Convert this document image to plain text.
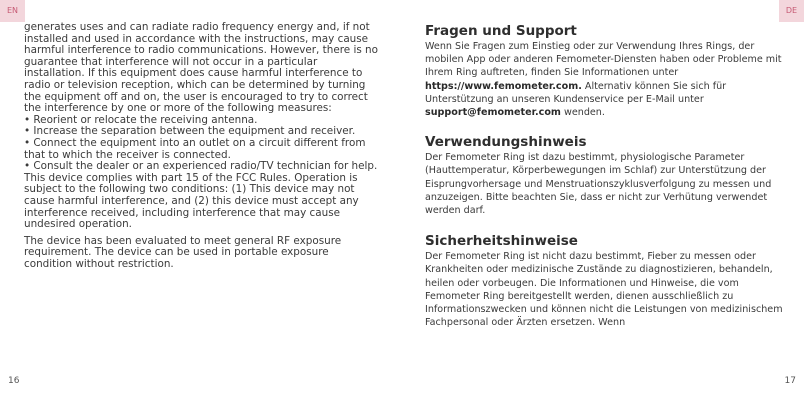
EN

generates uses and can radiate radio frequency energy and, if not installed and used in accordance with the instructions, may cause harmful interference to radio communications. However, there is no guarantee that interference will not occur in a particular installation. If this equipment does cause harmful interference to radio or television reception, which can be determined by turning the equipment off and on, the user is encouraged to try to correct the interference by one or more of the following measures:

• Reorient or relocate the receiving antenna.

• Increase the separation between the equipment and receiver.

• Connect the equipment into an outlet on a circuit different from that to which the receiver is connected.

• Consult the dealer or an experienced radio/TV technician for help.

This device complies with part 15 of the FCC Rules. Operation is subject to the following two conditions: (1) This device may not cause harmful interference, and (2) this device must accept any interference received, including interference that may cause undesired operation.

The device has been evaluated to meet general RF exposure requirement. The device can be used in portable exposure condition without restriction.

16
DE
Fragen und Support

Wenn Sie Fragen zum Einstieg oder zur Verwendung Ihres Rings, der mobilen App oder anderen Femometer-Diensten haben oder Probleme mit Ihrem Ring auftreten, finden Sie Informationen unter https://www.femometer.com. Alternativ können Sie sich für Unterstützung an unseren Kundenservice per E-Mail unter support@femometer.com wenden.

Verwendungshinweis

Der Femometer Ring ist dazu bestimmt, physiologische Parameter (Hauttemperatur, Körperbewegungen im Schlaf) zur Unterstützung der Eisprungvorhersage und Menstruationszyklusverfolgung zu messen und anzuzeigen. Bitte beachten Sie, dass er nicht zur Verhütung verwendet werden darf.

Sicherheitshinweise

Der Femometer Ring ist nicht dazu bestimmt, Fieber zu messen oder Krankheiten oder medizinische Zustände zu diagnostizieren, behandeln, heilen oder vorbeugen. Die Informationen und Hinweise, die vom Femometer Ring bereitgestellt werden, dienen ausschließlich zu Informationszwecken und können nicht die Leistungen von medizinischem Fachpersonal oder Ärzten ersetzen. Wenn

17
